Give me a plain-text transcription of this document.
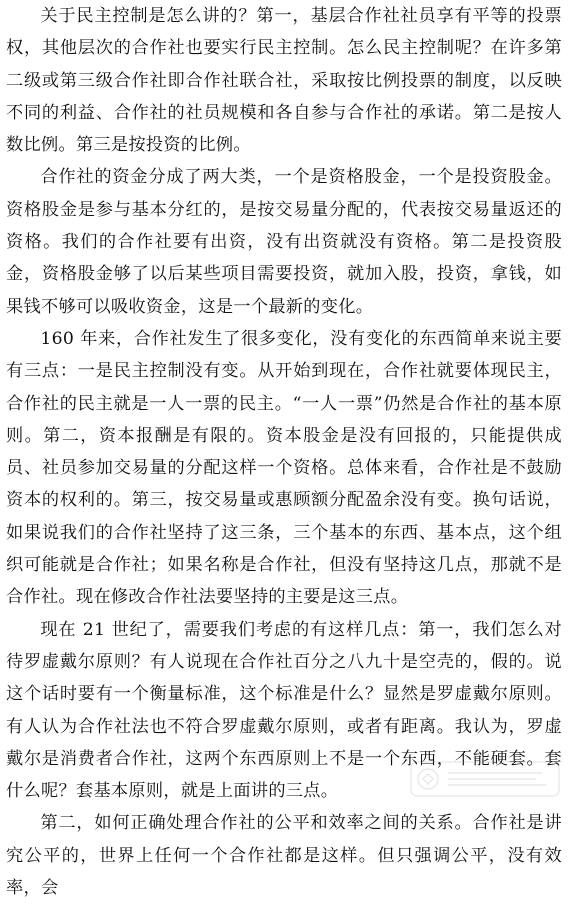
关于民主控制是怎么讲的？第一，基层合作社社员享有平等的投票权，其他层次的合作社也要实行民主控制。怎么民主控制呢？在许多第二级或第三级合作社即合作社联合社，采取按比例投票的制度，以反映不同的利益、合作社的社员规模和各自参与合作社的承诺。第二是按人数比例。第三是按投资的比例。

合作社的资金分成了两大类，一个是资格股金，一个是投资股金。资格股金是参与基本分红的，是按交易量分配的，代表按交易量返还的资格。我们的合作社要有出资，没有出资就没有资格。第二是投资股金，资格股金够了以后某些项目需要投资，就加入股，投资，拿钱，如果钱不够可以吸收资金，这是一个最新的变化。

160 年来，合作社发生了很多变化，没有变化的东西简单来说主要有三点：一是民主控制没有变。从开始到现在，合作社就要体现民主，合作社的民主就是一人一票的民主。“一人一票”仍然是合作社的基本原则。第二，资本报酬是有限的。资本股金是没有回报的，只能提供成员、社员参加交易量的分配这样一个资格。总体来看，合作社是不鼓励资本的权利的。第三，按交易量或惠顾额分配盈余没有变。换句话说，如果说我们的合作社坚持了这三条，三个基本的东西、基本点，这个组织可能就是合作社；如果名称是合作社，但没有坚持这几点，那就不是合作社。现在修改合作社法要坚持的主要是这三点。

现在 21 世纪了，需要我们考虑的有这样几点：第一，我们怎么对待罗虚戴尔原则？有人说现在合作社百分之八九十是空壳的，假的。说这个话时要有一个衡量标准，这个标准是什么？显然是罗虚戴尔原则。有人认为合作社法也不符合罗虚戴尔原则，或者有距离。我认为，罗虚戴尔是消费者合作社，这两个东西原则上不是一个东西，不能硬套。套什么呢？套基本原则，就是上面讲的三点。

第二，如何正确处理合作社的公平和效率之间的关系。合作社是讲究公平的，世界上任何一个合作社都是这样。但只强调公平，没有效率，会
